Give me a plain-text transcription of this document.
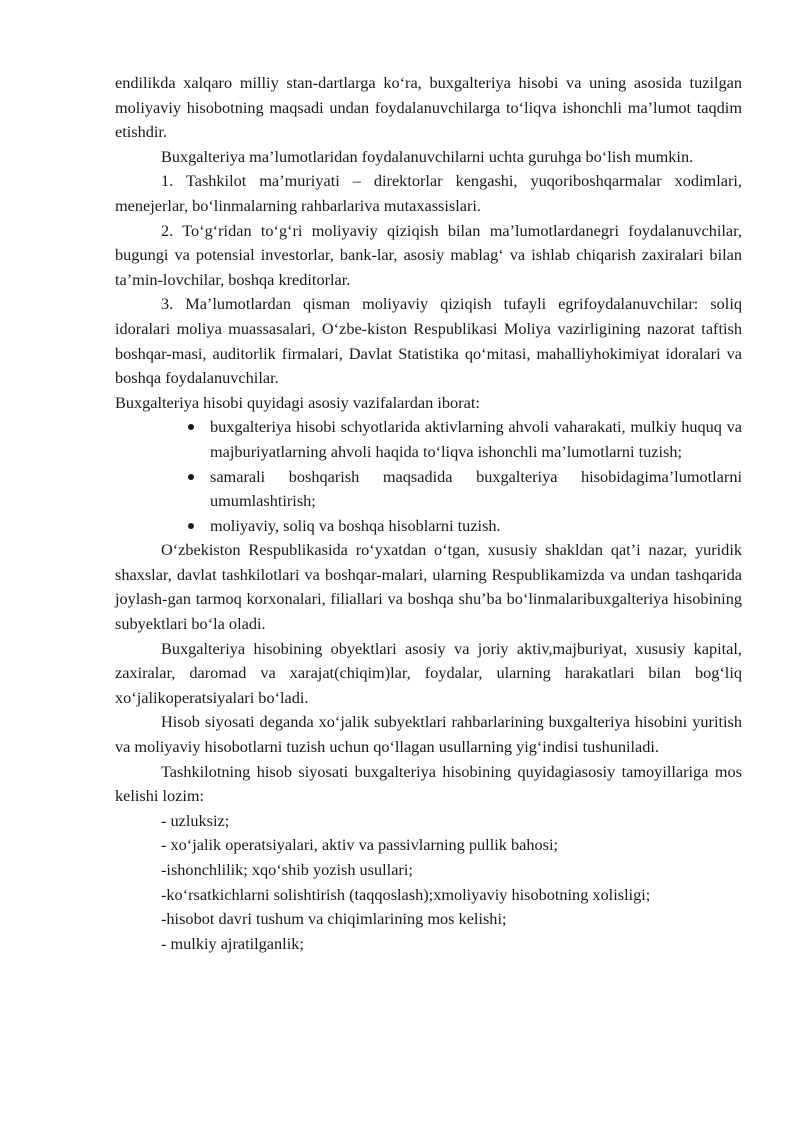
endilikda xalqaro milliy stan-dartlarga ko‘ra, buxgalteriya hisobi va uning asosida tuzilgan moliyaviy hisobotning maqsadi undan foydalanuvchilarga to‘liqva ishonchli ma’lumot taqdim etishdir.

Buxgalteriya ma’lumotlaridan foydalanuvchilarni uchta guruhga bo‘lish mumkin.

1. Tashkilot ma’muriyati – direktorlar kengashi, yuqoriboshqarmalar xodimlari, menejerlar, bo‘linmalarning rahbarlariva mutaxassislari.

2. To‘g‘ridan to‘g‘ri moliyaviy qiziqish bilan ma’lumotlardanegri foydalanuvchilar, bugungi va potensial investorlar, bank-lar, asosiy mablag‘ va ishlab chiqarish zaxiralari bilan ta’min-lovchilar, boshqa kreditorlar.

3. Ma’lumotlardan qisman moliyaviy qiziqish tufayli egrifoydalanuvchilar: soliq idoralari moliya muassasalari, O‘zbe-kiston Respublikasi Moliya vazirligining nazorat taftish boshqar-masi, auditorlik firmalari, Davlat Statistika qo‘mitasi, mahalliyhokimiyat idoralari va boshqa foydalanuvchilar.

Buxgalteriya hisobi quyidagi asosiy vazifalardan iborat:

buxgalteriya hisobi schyotlarida aktivlarning ahvoli vaharakati, mulkiy huquq va majburiyatlarning ahvoli haqida to‘liqva ishonchli ma’lumotlarni tuzish;
samarali boshqarish maqsadida buxgalteriya hisobidagima’lumotlarni umumlashtirish;
moliyaviy, soliq va boshqa hisoblarni tuzish.

O‘zbekiston Respublikasida ro‘yxatdan o‘tgan, xususiy shakldan qat’i nazar, yuridik shaxslar, davlat tashkilotlari va boshqar-malari, ularning Respublikamizda va undan tashqarida joylash-gan tarmoq korxonalari, filiallari va boshqa shu’ba bo‘linmalaribuxgalteriya hisobining subyektlari bo‘la oladi.

Buxgalteriya hisobining obyektlari asosiy va joriy aktiv,majburiyat, xususiy kapital, zaxiralar, daromad va xarajat(chiqim)lar, foydalar, ularning harakatlari bilan bog‘liq xo‘jalikoperatsiyalari bo‘ladi.

Hisob siyosati deganda xo‘jalik subyektlari rahbarlarining buxgalteriya hisobini yuritish va moliyaviy hisobotlarni tuzish uchun qo‘llagan usullarning yig‘indisi tushuniladi.

Tashkilotning hisob siyosati buxgalteriya hisobining quyidagiasosiy tamoyillariga mos kelishi lozim:

- uzluksiz;
- xo‘jalik operatsiyalari, aktiv va passivlarning pullik bahosi;
-ishonchlilik; xqo‘shib yozish usullari;
-ko‘rsatkichlarni solishtirish (taqqoslash);xmoliyaviy hisobotning xolisligi;
-hisobot davri tushum va chiqimlarining mos kelishi;
- mulkiy ajratilganlik;
